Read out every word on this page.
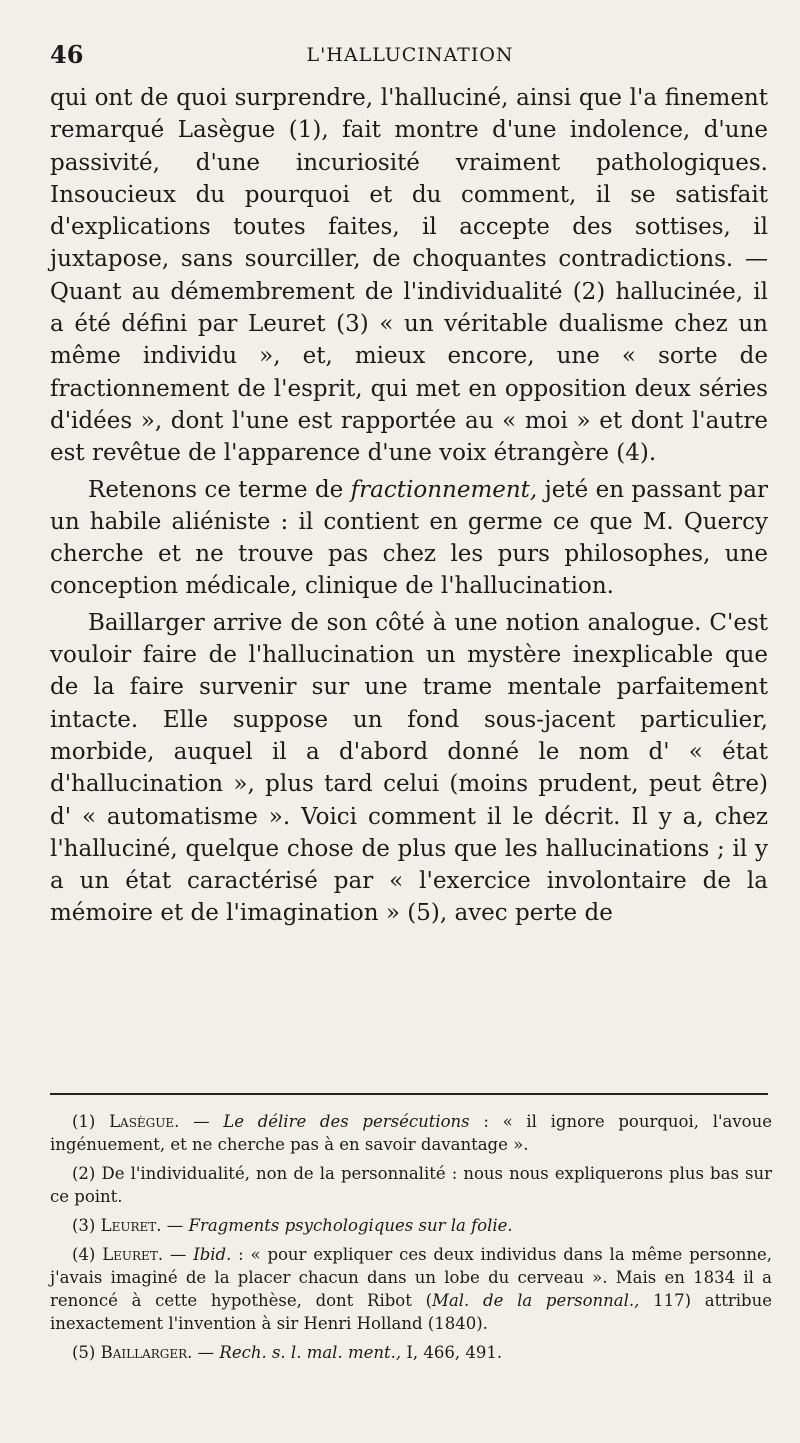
46	L'HALLUCINATION

qui ont de quoi surprendre, l'halluciné, ainsi que l'a finement remarqué Lasègue (1), fait montre d'une indolence, d'une passivité, d'une incuriosité vraiment pathologiques. Insoucieux du pourquoi et du comment, il se satisfait d'explications toutes faites, il accepte des sottises, il juxtapose, sans sourciller, de choquantes contradictions. — Quant au démembrement de l'individualité (2) hallucinée, il a été défini par Leuret (3) « un véritable dualisme chez un même individu », et, mieux encore, une « sorte de fractionnement de l'esprit, qui met en opposition deux séries d'idées », dont l'une est rapportée au « moi » et dont l'autre est revêtue de l'apparence d'une voix étrangère (4).

Retenons ce terme de fractionnement, jeté en passant par un habile aliéniste : il contient en germe ce que M. Quercy cherche et ne trouve pas chez les purs philosophes, une conception médicale, clinique de l'hallucination.

Baillarger arrive de son côté à une notion analogue. C'est vouloir faire de l'hallucination un mystère inexplicable que de la faire survenir sur une trame mentale parfaitement intacte. Elle suppose un fond sous-jacent particulier, morbide, auquel il a d'abord donné le nom d' « état d'hallucination », plus tard celui (moins prudent, peut être) d' « automatisme ». Voici comment il le décrit. Il y a, chez l'halluciné, quelque chose de plus que les hallucinations ; il y a un état caractérisé par « l'exercice involontaire de la mémoire et de l'imagination » (5), avec perte de

(1) Lasègue. — Le délire des persécutions : « il ignore pourquoi, l'avoue ingénuement, et ne cherche pas à en savoir davantage ».

(2) De l'individualité, non de la personnalité : nous nous expliquerons plus bas sur ce point.

(3) Leuret. — Fragments psychologiques sur la folie.

(4) Leuret. — Ibid. : « pour expliquer ces deux individus dans la même personne, j'avais imaginé de la placer chacun dans un lobe du cerveau ». Mais en 1834 il a renoncé à cette hypothèse, dont Ribot (Mal. de la personnal., 117) attribue inexactement l'invention à sir Henri Holland (1840).

(5) Baillarger. — Rech. s. l. mal. ment., I, 466, 491.
